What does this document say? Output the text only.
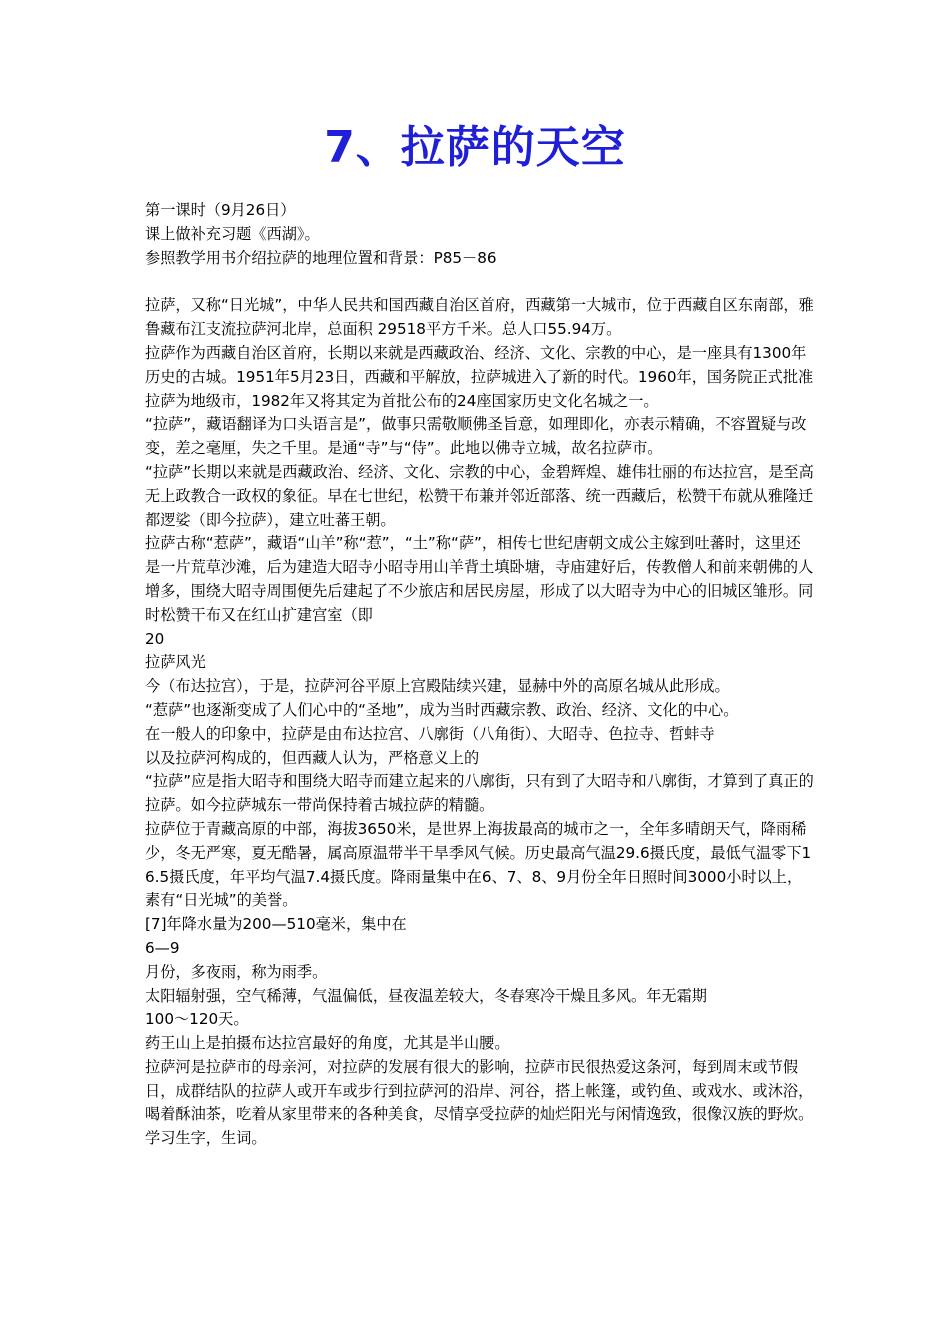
7、拉萨的天空

第一课时（9月26日）

课上做补充习题《西湖》。

参照教学用书介绍拉萨的地理位置和背景：P85－86

拉萨，又称“日光城”，中华人民共和国西藏自治区首府，西藏第一大城市，位于西藏自区东南部，雅鲁藏布江支流拉萨河北岸，总面积 29518平方千米。总人口55.94万。

拉萨作为西藏自治区首府，长期以来就是西藏政治、经济、文化、宗教的中心，是一座具有1300年历史的古城。1951年5月23日，西藏和平解放，拉萨城进入了新的时代。1960年，国务院正式批准拉萨为地级市，1982年又将其定为首批公布的24座国家历史文化名城之一。

“拉萨”，藏语翻译为口头语言是”，做事只需敬顺佛圣旨意，如理即化，亦表示精确，不容置疑与改变，差之毫厘，失之千里。是通“寺”与“侍”。此地以佛寺立城，故名拉萨市。

“拉萨”长期以来就是西藏政治、经济、文化、宗教的中心，金碧辉煌、雄伟壮丽的布达拉宫，是至高无上政教合一政权的象征。早在七世纪，松赞干布兼并邻近部落、统一西藏后，松赞干布就从雅隆迁都逻娑（即今拉萨），建立吐蕃王朝。

拉萨古称“惹萨”，藏语“山羊”称“惹”，“土”称“萨”，相传七世纪唐朝文成公主嫁到吐蕃时，这里还是一片荒草沙滩，后为建造大昭寺小昭寺用山羊背土填卧塘，寺庙建好后，传教僧人和前来朝佛的人增多，围绕大昭寺周围便先后建起了不少旅店和居民房屋，形成了以大昭寺为中心的旧城区雏形。同时松赞干布又在红山扩建宫室（即

20

拉萨风光

今（布达拉宫），于是，拉萨河谷平原上宫殿陆续兴建，显赫中外的高原名城从此形成。

“惹萨”也逐渐变成了人们心中的“圣地”，成为当时西藏宗教、政治、经济、文化的中心。

在一般人的印象中，拉萨是由布达拉宫、八廓街（八角街）、大昭寺、色拉寺、哲蚌寺

以及拉萨河构成的，但西藏人认为，严格意义上的

“拉萨”应是指大昭寺和围绕大昭寺而建立起来的八廓街，只有到了大昭寺和八廓街，才算到了真正的拉萨。如今拉萨城东一带尚保持着古城拉萨的精髓。

拉萨位于青藏高原的中部，海拔3650米，是世界上海拔最高的城市之一，全年多晴朗天气，降雨稀少，冬无严寒，夏无酷暑，属高原温带半干旱季风气候。历史最高气温29.6摄氏度，最低气温零下16.5摄氏度，年平均气温7.4摄氏度。降雨量集中在6、7、8、9月份全年日照时间3000小时以上，素有“日光城”的美誉。

[7]年降水量为200—510毫米，集中在

6—9

月份，多夜雨，称为雨季。

太阳辐射强，空气稀薄，气温偏低，昼夜温差较大，冬春寒冷干燥且多风。年无霜期

100～120天。

药王山上是拍摄布达拉宫最好的角度，尤其是半山腰。

拉萨河是拉萨市的母亲河，对拉萨的发展有很大的影响，拉萨市民很热爱这条河，每到周末或节假日，成群结队的拉萨人或开车或步行到拉萨河的沿岸、河谷，搭上帐篷，或钓鱼、或戏水、或沐浴，喝着酥油茶，吃着从家里带来的各种美食，尽情享受拉萨的灿烂阳光与闲情逸致，很像汉族的野炊。

学习生字，生词。
